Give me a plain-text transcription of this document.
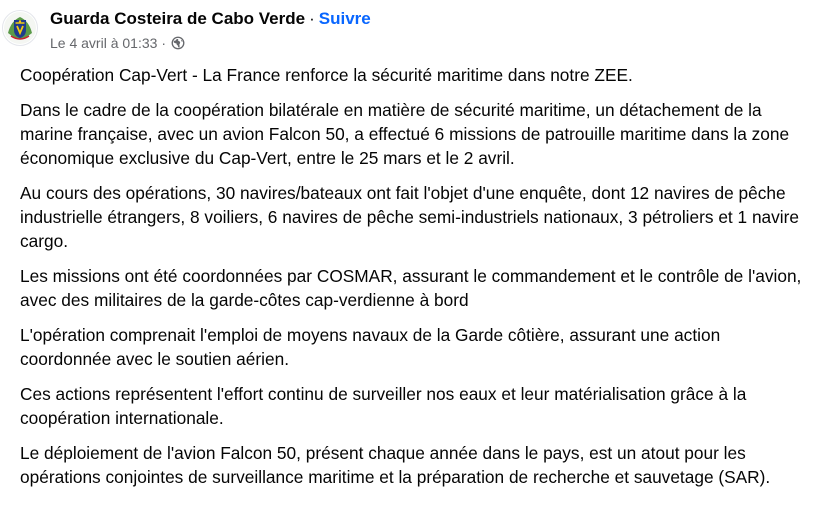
Guarda Costeira de Cabo Verde · Suivre
Le 4 avril à 01:33 ·

Coopération Cap-Vert - La France renforce la sécurité maritime dans notre ZEE.

Dans le cadre de la coopération bilatérale en matière de sécurité maritime, un détachement de la marine française, avec un avion Falcon 50, a effectué 6 missions de patrouille maritime dans la zone économique exclusive du Cap-Vert, entre le 25 mars et le 2 avril.

Au cours des opérations, 30 navires/bateaux ont fait l'objet d'une enquête, dont 12 navires de pêche industrielle étrangers, 8 voiliers, 6 navires de pêche semi-industriels nationaux, 3 pétroliers et 1 navire cargo.

Les missions ont été coordonnées par COSMAR, assurant le commandement et le contrôle de l'avion, avec des militaires de la garde-côtes cap-verdienne à bord

L'opération comprenait l'emploi de moyens navaux de la Garde côtière, assurant une action coordonnée avec le soutien aérien.

Ces actions représentent l'effort continu de surveiller nos eaux et leur matérialisation grâce à la coopération internationale.

Le déploiement de l'avion Falcon 50, présent chaque année dans le pays, est un atout pour les opérations conjointes de surveillance maritime et la préparation de recherche et sauvetage (SAR).
